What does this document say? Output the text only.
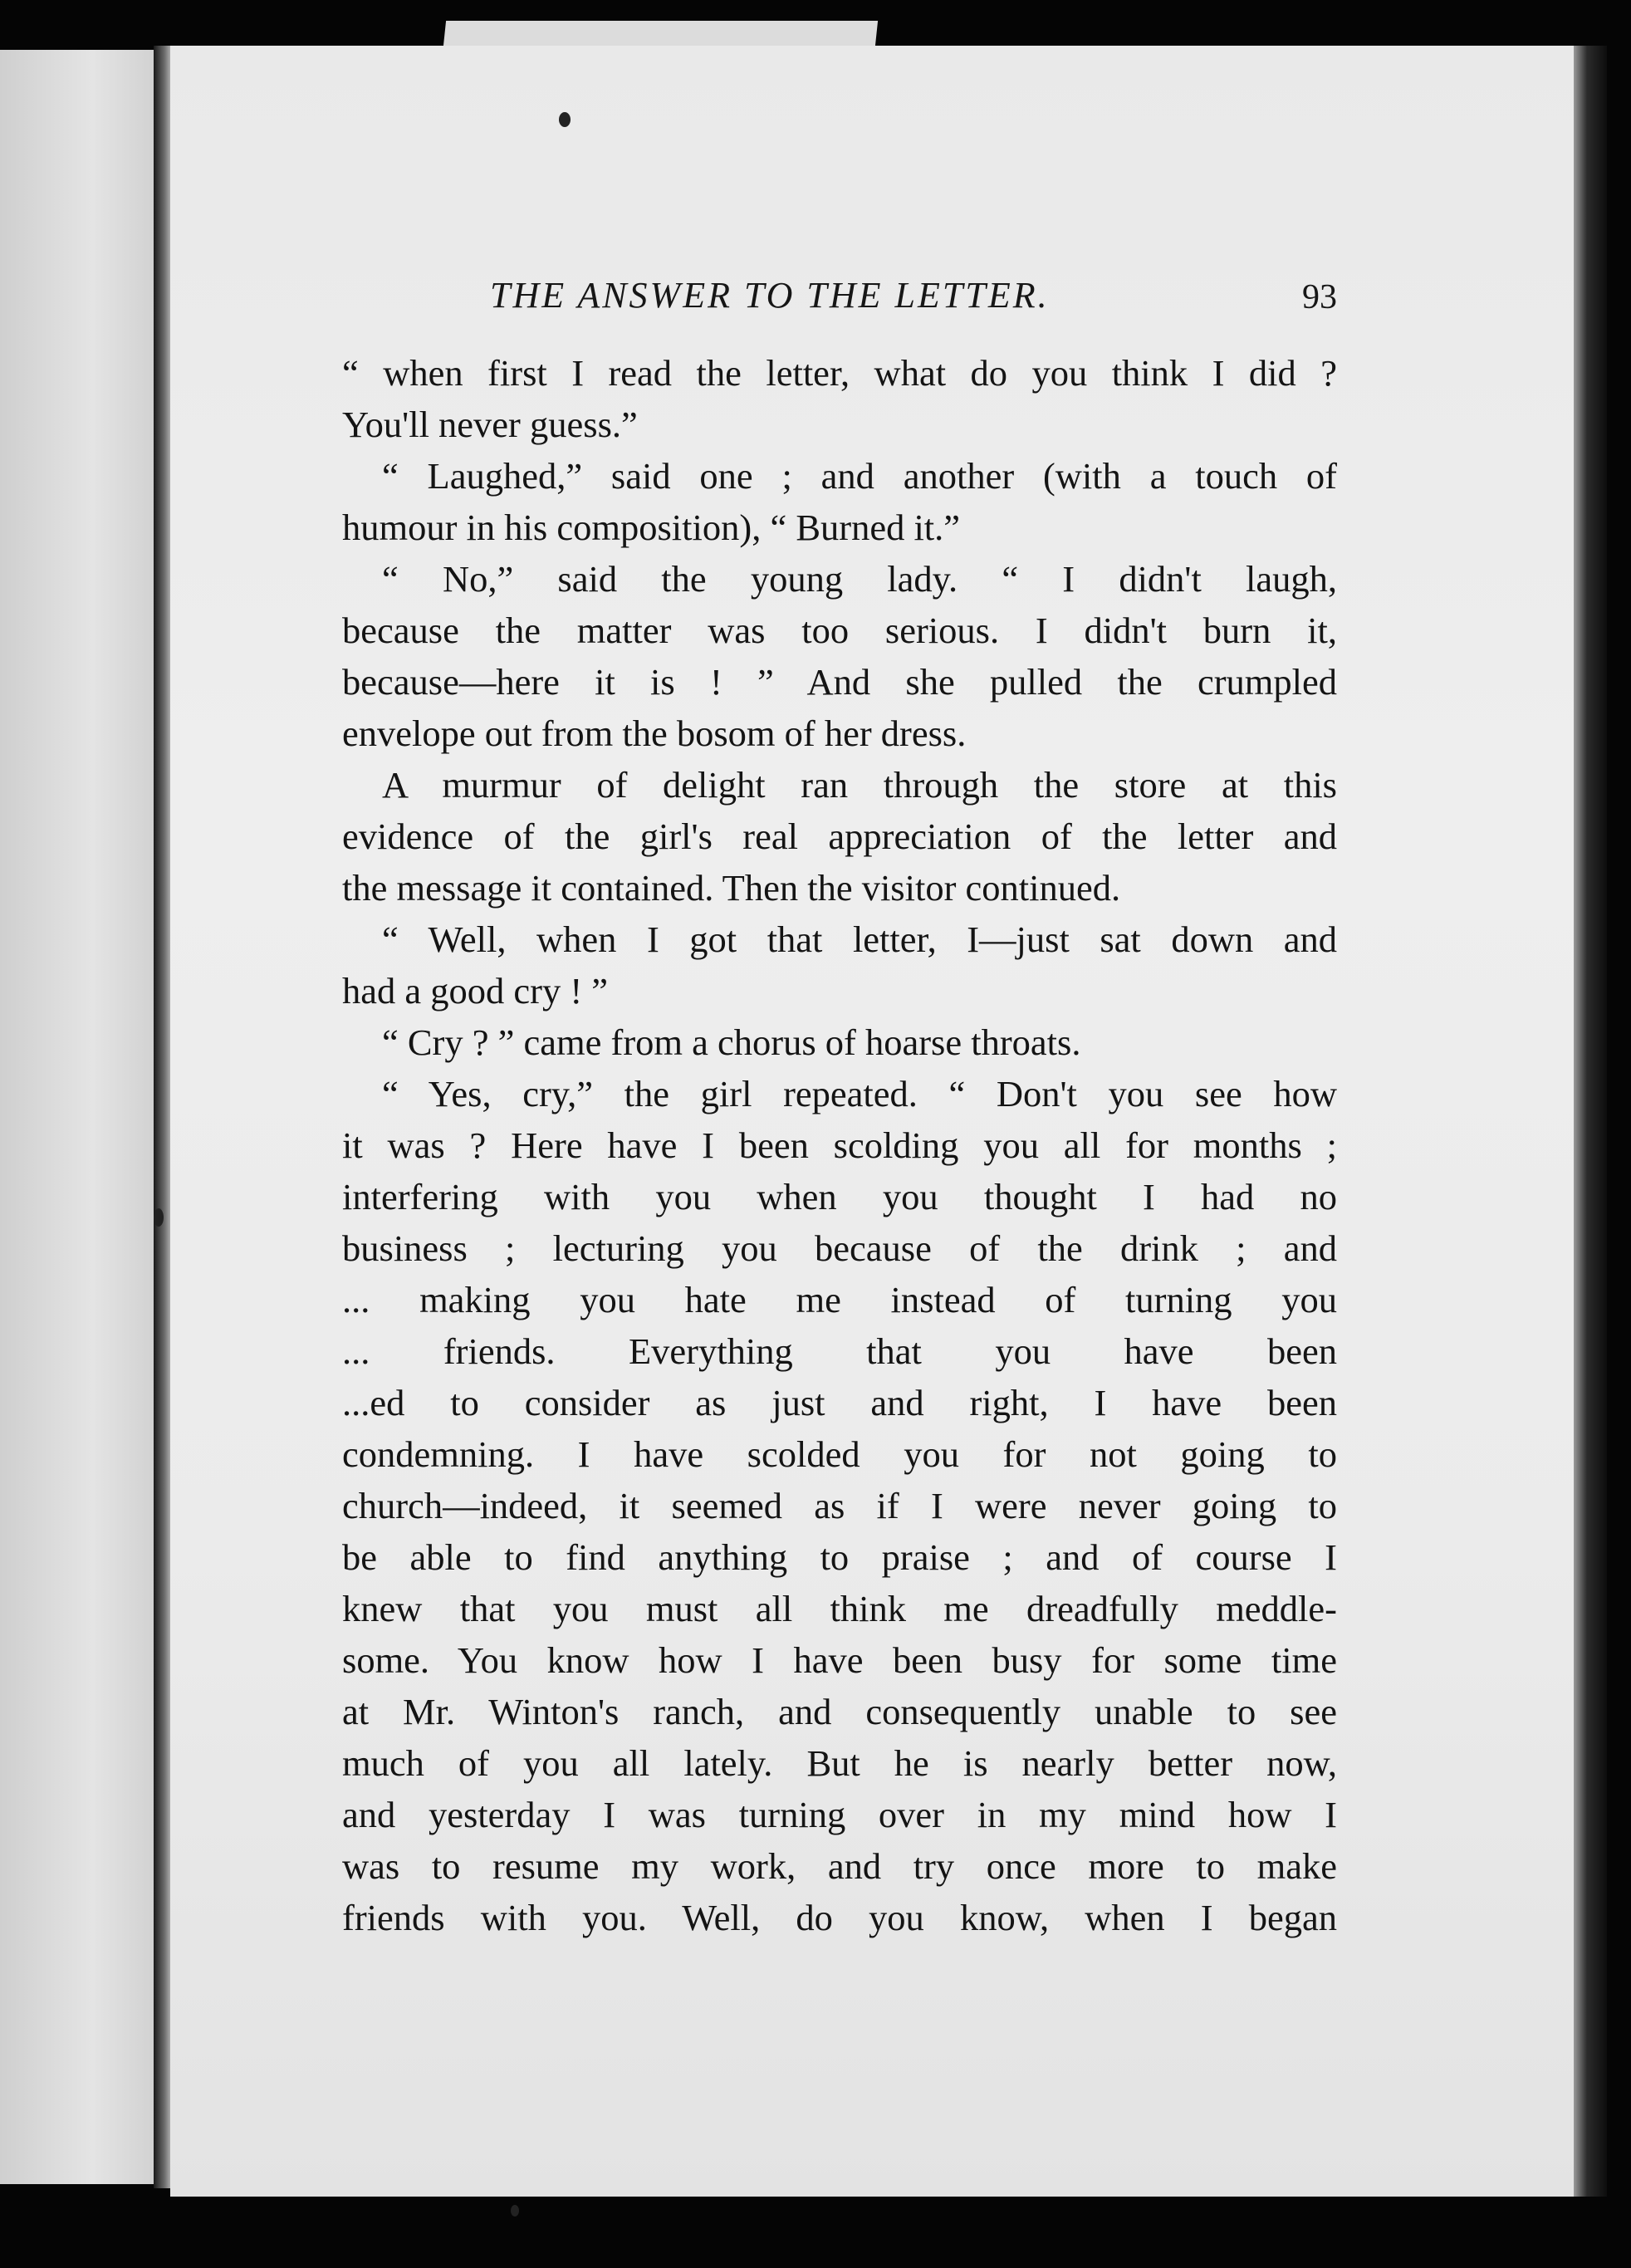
THE ANSWER TO THE LETTER.	93
“ when first I read the letter, what do you think I did ?
You'll never guess.”
“ Laughed,” said one ; and another (with a touch of
humour in his composition), “ Burned it.”
“ No,” said the young lady. “ I didn't laugh,
because the matter was too serious. I didn't burn it,
because—here it is ! ” And she pulled the crumpled
envelope out from the bosom of her dress.
A murmur of delight ran through the store at this
evidence of the girl's real appreciation of the letter and
the message it contained. Then the visitor continued.
“ Well, when I got that letter, I—just sat down and
had a good cry ! ”
“ Cry ? ” came from a chorus of hoarse throats.
“ Yes, cry,” the girl repeated. “ Don't you see how
it was ? Here have I been scolding you all for months ;
interfering with you when you thought I had no
business ; lecturing you because of the drink ; and
... making you hate me instead of turning you
... friends. Everything that you have been
...ed to consider as just and right, I have been
condemning. I have scolded you for not going to
church—indeed, it seemed as if I were never going to
be able to find anything to praise ; and of course I
knew that you must all think me dreadfully meddle-
some. You know how I have been busy for some time
at Mr. Winton's ranch, and consequently unable to see
much of you all lately. But he is nearly better now,
and yesterday I was turning over in my mind how I
was to resume my work, and try once more to make
friends with you. Well, do you know, when I began
